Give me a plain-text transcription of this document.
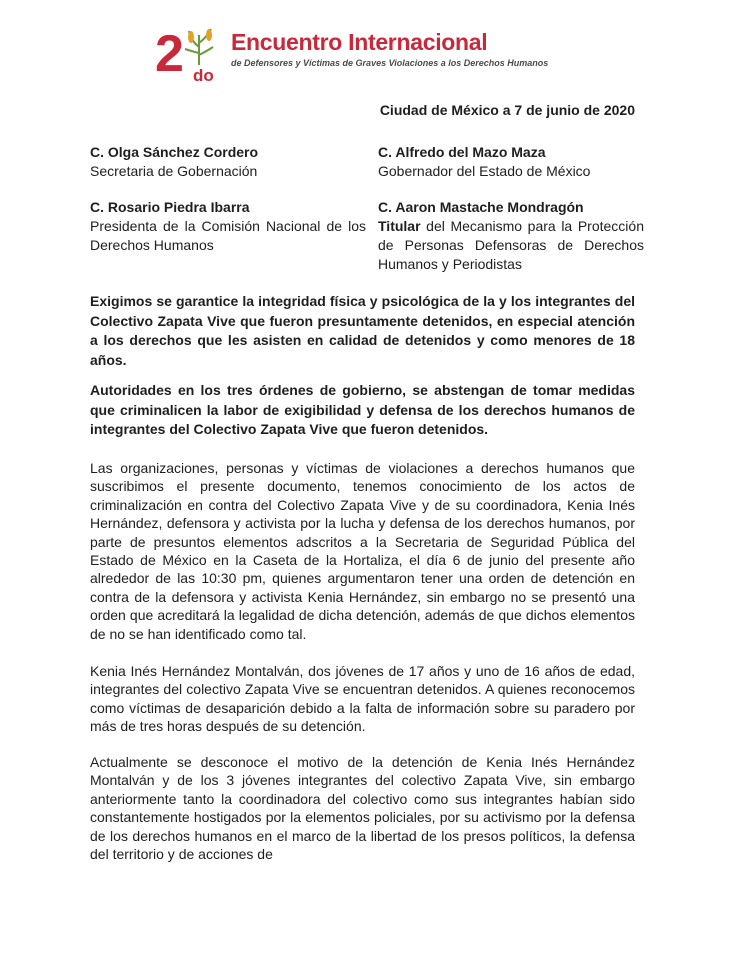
2 do

Encuentro Internacional

de Defensores y Víctimas de Graves Violaciones a los Derechos Humanos

Ciudad de México a 7 de junio de 2020

C. Olga Sánchez Cordero
Secretaria de Gobernación
C. Alfredo del Mazo Maza
Gobernador del Estado de México
C. Rosario Piedra Ibarra
Presidenta de la Comisión Nacional de los Derechos Humanos
C. Aaron Mastache Mondragón
Titular del Mecanismo para la Protección de Personas Defensoras de Derechos Humanos y Periodistas

Exigimos se garantice la integridad física y psicológica de la y los integrantes del Colectivo Zapata Vive que fueron presuntamente detenidos, en especial atención a los derechos que les asisten en calidad de detenidos y como menores de 18 años.

Autoridades en los tres órdenes de gobierno, se abstengan de tomar medidas que criminalicen la labor de exigibilidad y defensa de los derechos humanos de integrantes del Colectivo Zapata Vive que fueron detenidos.

Las organizaciones, personas y víctimas de violaciones a derechos humanos que suscribimos el presente documento, tenemos conocimiento de los actos de criminalización en contra del Colectivo Zapata Vive y de su coordinadora, Kenia Inés Hernández, defensora y activista por la lucha y defensa de los derechos humanos, por parte de presuntos elementos adscritos a la Secretaria de Seguridad Pública del Estado de México en la Caseta de la Hortaliza, el día 6 de junio del presente año alrededor de las 10:30 pm, quienes argumentaron tener una orden de detención en contra de la defensora y activista Kenia Hernández, sin embargo no se presentó una orden que acreditará la legalidad de dicha detención, además de que dichos elementos de no se han identificado como tal.

Kenia Inés Hernández Montalván, dos jóvenes de 17 años y uno de 16 años de edad, integrantes del colectivo Zapata Vive se encuentran detenidos. A quienes reconocemos como víctimas de desaparición debido a la falta de información sobre su paradero por más de tres horas después de su detención.

Actualmente se desconoce el motivo de la detención de Kenia Inés Hernández Montalván y de los 3 jóvenes integrantes del colectivo Zapata Vive, sin embargo anteriormente tanto la coordinadora del colectivo como sus integrantes habían sido constantemente hostigados por la elementos policiales, por su activismo por la defensa de los derechos humanos en el marco de la libertad de los presos políticos, la defensa del territorio y de acciones de
